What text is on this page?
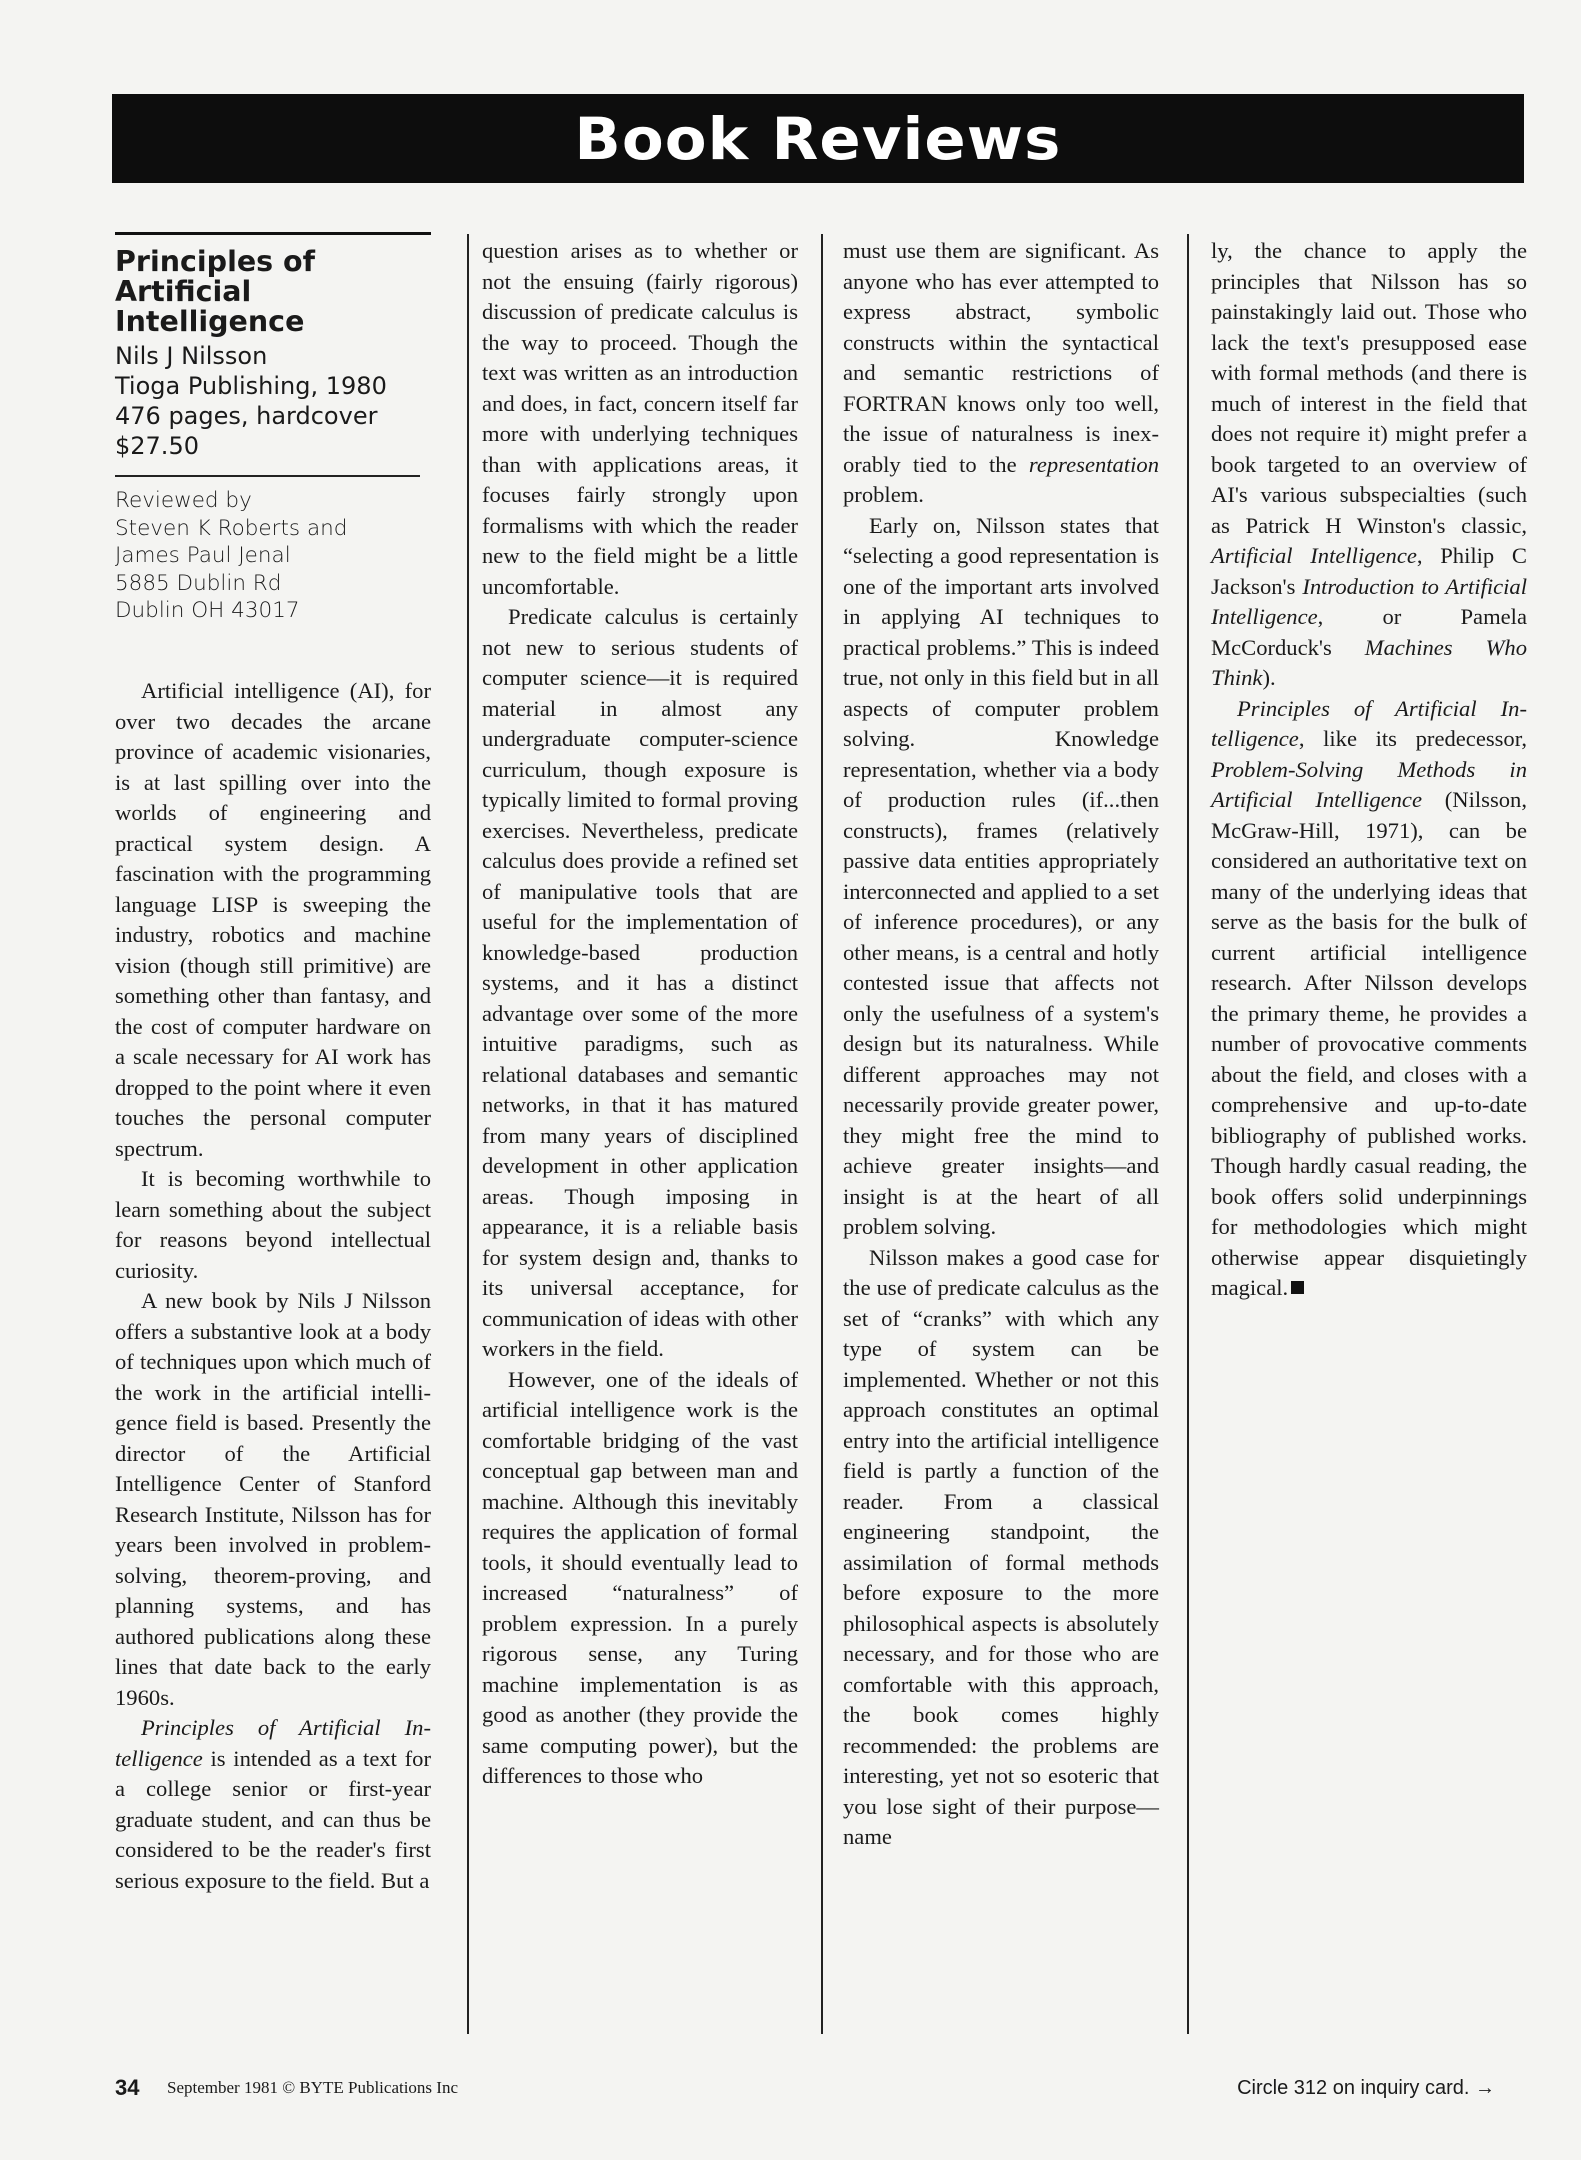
Book Reviews
Principles of
Artificial
Intelligence

Nils J Nilsson

Tioga Publishing, 1980

476 pages, hardcover

$27.50

Reviewed by

Steven K Roberts and

James Paul Jenal

5885 Dublin Rd

Dublin OH 43017

Artificial intelligence (AI), for over two decades the arcane province of academic visionaries, is at last spilling over into the worlds of engineering and practical system design. A fascination with the programming language LISP is sweeping the industry, robotics and machine vision (though still primitive) are something other than fantasy, and the cost of computer hardware on a scale necessary for AI work has dropped to the point where it even touches the personal computer spectrum.

It is becoming worthwhile to learn something about the subject for reasons beyond intellectual curiosity.

A new book by Nils J Nilsson offers a substantive look at a body of techniques upon which much of the work in the artificial intelligence field is based. Presently the director of the Artificial Intelligence Center of Stanford Research Institute, Nilsson has for years been involved in problem-solving, theorem-proving, and planning systems, and has authored publications along these lines that date back to the early 1960s.

Principles of Artificial Intelligence is intended as a text for a college senior or first-year graduate student, and can thus be considered to be the reader's first serious exposure to the field. But a

question arises as to whether or not the ensuing (fairly rigorous) discussion of predicate calculus is the way to proceed. Though the text was written as an introduction and does, in fact, concern itself far more with underlying techniques than with applications areas, it focuses fairly strongly upon formalisms with which the reader new to the field might be a little uncomfortable.

Predicate calculus is certainly not new to serious students of computer science—it is required material in almost any undergraduate computer-science curriculum, though exposure is typically limited to formal proving exercises. Nevertheless, predicate calculus does provide a refined set of manipulative tools that are useful for the implementation of knowledge-based production systems, and it has a distinct advantage over some of the more intuitive paradigms, such as relational databases and semantic networks, in that it has matured from many years of disciplined development in other application areas. Though imposing in appearance, it is a reliable basis for system design and, thanks to its universal acceptance, for communication of ideas with other workers in the field.

However, one of the ideals of artificial intelligence work is the comfortable bridging of the vast conceptual gap between man and machine. Although this inevitably requires the application of formal tools, it should eventually lead to increased “naturalness” of problem expression. In a purely rigorous sense, any Turing machine implementation is as good as another (they provide the same computing power), but the differences to those who

must use them are significant. As anyone who has ever attempted to express abstract, symbolic constructs within the syntactical and semantic restrictions of FORTRAN knows only too well, the issue of naturalness is inexorably tied to the representation problem.

Early on, Nilsson states that “selecting a good representation is one of the important arts involved in applying AI techniques to practical problems.” This is indeed true, not only in this field but in all aspects of computer problem solving. Knowledge representation, whether via a body of production rules (if...then constructs), frames (relatively passive data entities appropriately interconnected and applied to a set of inference procedures), or any other means, is a central and hotly contested issue that affects not only the usefulness of a system's design but its naturalness. While different approaches may not necessarily provide greater power, they might free the mind to achieve greater insights—and insight is at the heart of all problem solving.

Nilsson makes a good case for the use of predicate calculus as the set of “cranks” with which any type of system can be implemented. Whether or not this approach constitutes an optimal entry into the artificial intelligence field is partly a function of the reader. From a classical engineering standpoint, the assimilation of formal methods before exposure to the more philosophical aspects is absolutely necessary, and for those who are comfortable with this approach, the book comes highly recommended: the problems are interesting, yet not so esoteric that you lose sight of their purpose—name

ly, the chance to apply the principles that Nilsson has so painstakingly laid out. Those who lack the text's presupposed ease with formal methods (and there is much of interest in the field that does not require it) might prefer a book targeted to an overview of AI's various subspecialties (such as Patrick H Winston's classic, Artificial Intelligence, Philip C Jackson's Introduction to Artificial Intelligence, or Pamela McCorduck's Machines Who Think).

Principles of Artificial Intelligence, like its predecessor, Problem-Solving Methods in Artificial Intelligence (Nilsson, McGraw-Hill, 1971), can be considered an authoritative text on many of the underlying ideas that serve as the basis for the bulk of current artificial intelligence research. After Nilsson develops the primary theme, he provides a number of provocative comments about the field, and closes with a comprehensive and up-to-date bibliography of published works. Though hardly casual reading, the book offers solid underpinnings for methodologies which might otherwise appear disquietingly magical.

34 September 1981 © BYTE Publications Inc	Circle 312 on inquiry card. →
